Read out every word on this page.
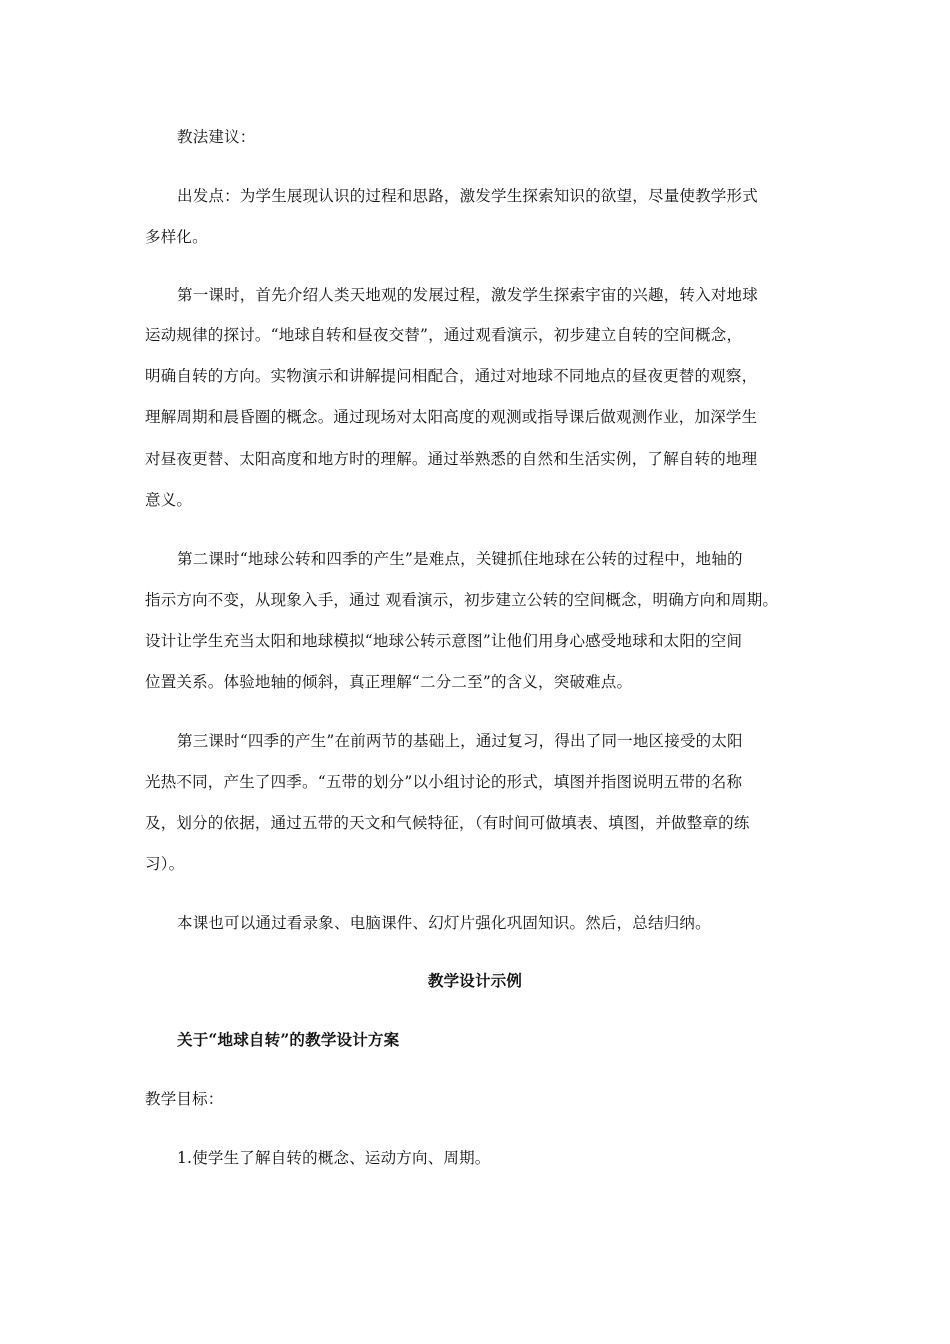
教法建议：
出发点：为学生展现认识的过程和思路，激发学生探索知识的欲望，尽量使教学形式
多样化。
第一课时，首先介绍人类天地观的发展过程，激发学生探索宇宙的兴趣，转入对地球
运动规律的探讨。“地球自转和昼夜交替”，通过观看演示，初步建立自转的空间概念，
明确自转的方向。实物演示和讲解提问相配合，通过对地球不同地点的昼夜更替的观察，
理解周期和晨昏圈的概念。通过现场对太阳高度的观测或指导课后做观测作业，加深学生
对昼夜更替、太阳高度和地方时的理解。通过举熟悉的自然和生活实例，了解自转的地理
意义。
第二课时“地球公转和四季的产生”是难点，关键抓住地球在公转的过程中，地轴的
指示方向不变，从现象入手，通过 观看演示，初步建立公转的空间概念，明确方向和周期。
设计让学生充当太阳和地球模拟“地球公转示意图”让他们用身心感受地球和太阳的空间
位置关系。体验地轴的倾斜，真正理解“二分二至”的含义，突破难点。
第三课时“四季的产生”在前两节的基础上，通过复习，得出了同一地区接受的太阳
光热不同，产生了四季。“五带的划分”以小组讨论的形式，填图并指图说明五带的名称
及，划分的依据，通过五带的天文和气候特征，（有时间可做填表、填图，并做整章的练
习）。
本课也可以通过看录象、电脑课件、幻灯片强化巩固知识。然后，总结归纳。
教学设计示例
关于“地球自转”的教学设计方案
教学目标：
1.使学生了解自转的概念、运动方向、周期。
